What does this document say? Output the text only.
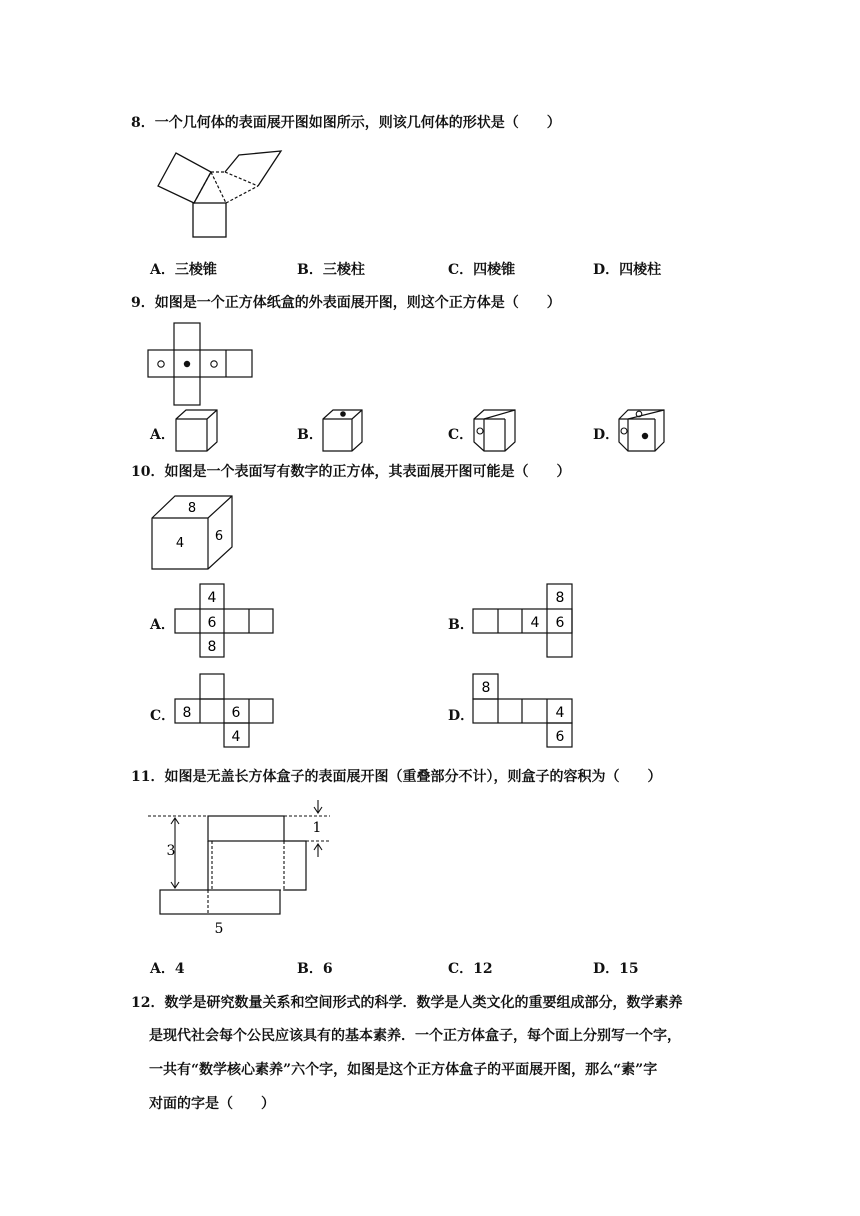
8．一个几何体的表面展开图如图所示，则该几何体的形状是（　　）
A．三棱锥	B．三棱柱	C．四棱锥	D．四棱柱
9．如图是一个正方体纸盒的外表面展开图，则这个正方体是（　　）
A．	B．	C．	D．
10．如图是一个表面写有数字的正方体，其表面展开图可能是（　　）
8
4 6
A．
4
6
8
B．
8
4 6
C． 8	6
4
D．
8
4
6
11．如图是无盖长方体盒子的表面展开图（重叠部分不计），则盒子的容积为（　　）
3
1
5
A．4	B．6	C．12	D．15
12．数学是研究数量关系和空间形式的科学．数学是人类文化的重要组成部分，数学素养
是现代社会每个公民应该具有的基本素养．一个正方体盒子，每个面上分别写一个字，
一共有“数学核心素养”六个字，如图是这个正方体盒子的平面展开图，那么“素”字
对面的字是（　　）
